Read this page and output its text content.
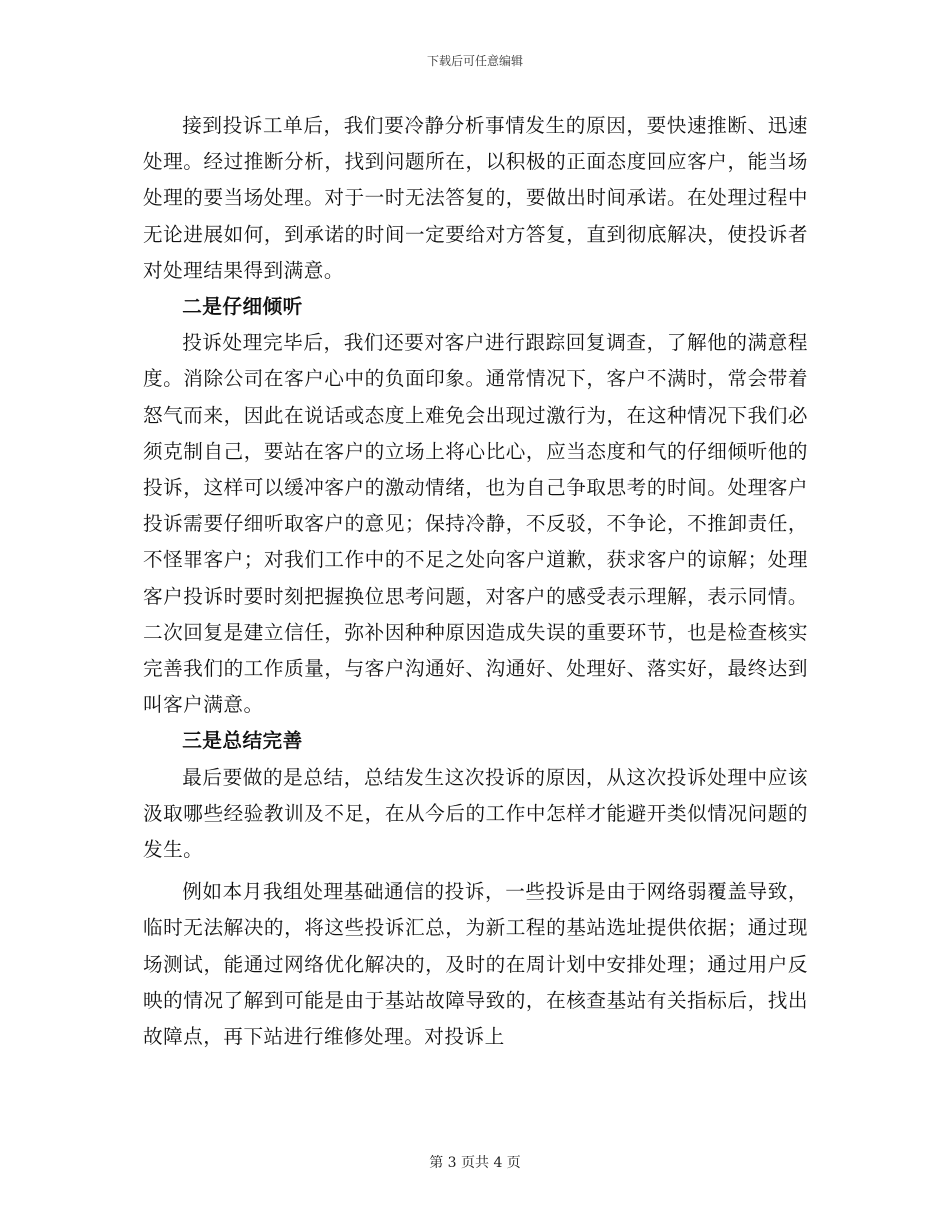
下载后可任意编辑

接到投诉工单后，我们要冷静分析事情发生的原因，要快速推断、迅速处理。经过推断分析，找到问题所在，以积极的正面态度回应客户，能当场处理的要当场处理。对于一时无法答复的，要做出时间承诺。在处理过程中无论进展如何，到承诺的时间一定要给对方答复，直到彻底解决，使投诉者对处理结果得到满意。

二是仔细倾听

投诉处理完毕后，我们还要对客户进行跟踪回复调查，了解他的满意程度。消除公司在客户心中的负面印象。通常情况下，客户不满时，常会带着怒气而来，因此在说话或态度上难免会出现过激行为，在这种情况下我们必须克制自己，要站在客户的立场上将心比心，应当态度和气的仔细倾听他的投诉，这样可以缓冲客户的激动情绪，也为自己争取思考的时间。处理客户投诉需要仔细听取客户的意见；保持冷静，不反驳，不争论，不推卸责任，不怪罪客户；对我们工作中的不足之处向客户道歉，获求客户的谅解；处理客户投诉时要时刻把握换位思考问题，对客户的感受表示理解，表示同情。二次回复是建立信任，弥补因种种原因造成失误的重要环节，也是检查核实完善我们的工作质量，与客户沟通好、沟通好、处理好、落实好，最终达到叫客户满意。

三是总结完善

最后要做的是总结，总结发生这次投诉的原因，从这次投诉处理中应该汲取哪些经验教训及不足，在从今后的工作中怎样才能避开类似情况问题的发生。

例如本月我组处理基础通信的投诉，一些投诉是由于网络弱覆盖导致，临时无法解决的，将这些投诉汇总，为新工程的基站选址提供依据；通过现场测试，能通过网络优化解决的，及时的在周计划中安排处理；通过用户反映的情况了解到可能是由于基站故障导致的，在核查基站有关指标后，找出故障点，再下站进行维修处理。对投诉上

第 3 页共 4 页
